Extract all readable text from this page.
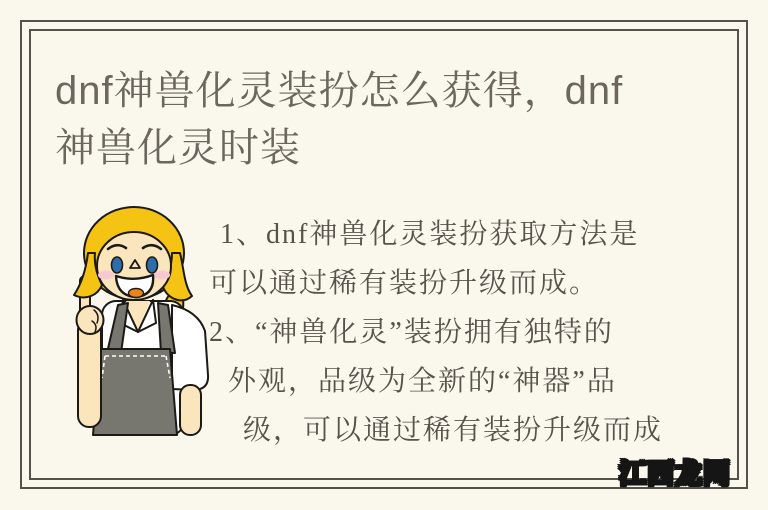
dnf神兽化灵装扮怎么获得，dnf神兽化灵时装
1、dnf神兽化灵装扮获取方法是
可以通过稀有装扮升级而成。
2、“神兽化灵”装扮拥有独特的
外观，品级为全新的“神器”品
级，可以通过稀有装扮升级而成
江西龙网
